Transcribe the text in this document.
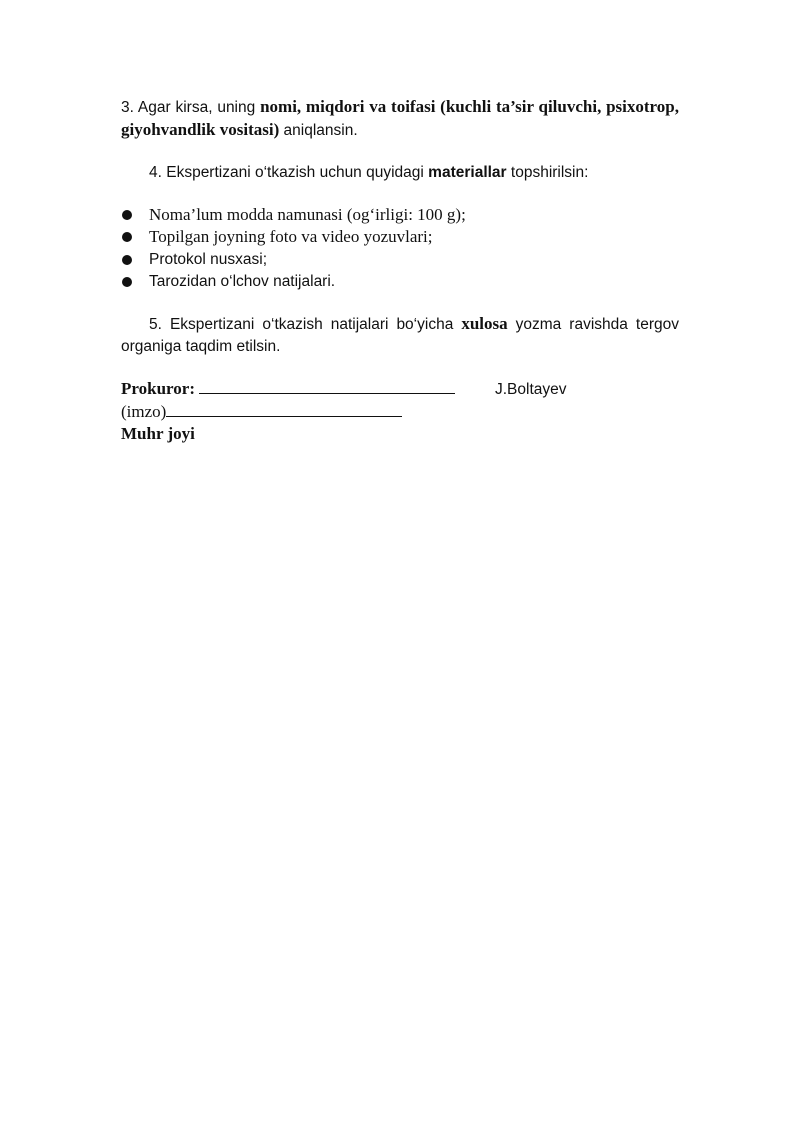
3. Agar kirsa, uning nomi, miqdori va toifasi (kuchli ta’sir qiluvchi, psixotrop, giyohvandlik vositasi) aniqlansin.

4. Ekspertizani o‘tkazish uchun quyidagi materiallar topshirilsin:

Noma’lum modda namunasi (og‘irligi: 100 g);
Topilgan joyning foto va video yozuvlari;
Protokol nusxasi;
Tarozidan o‘lchov natijalari.

5. Ekspertizani o‘tkazish natijalari bo‘yicha xulosa yozma ravishda tergov organiga taqdim etilsin.

Prokuror:	J.Boltayev
(imzo)
Muhr joyi
